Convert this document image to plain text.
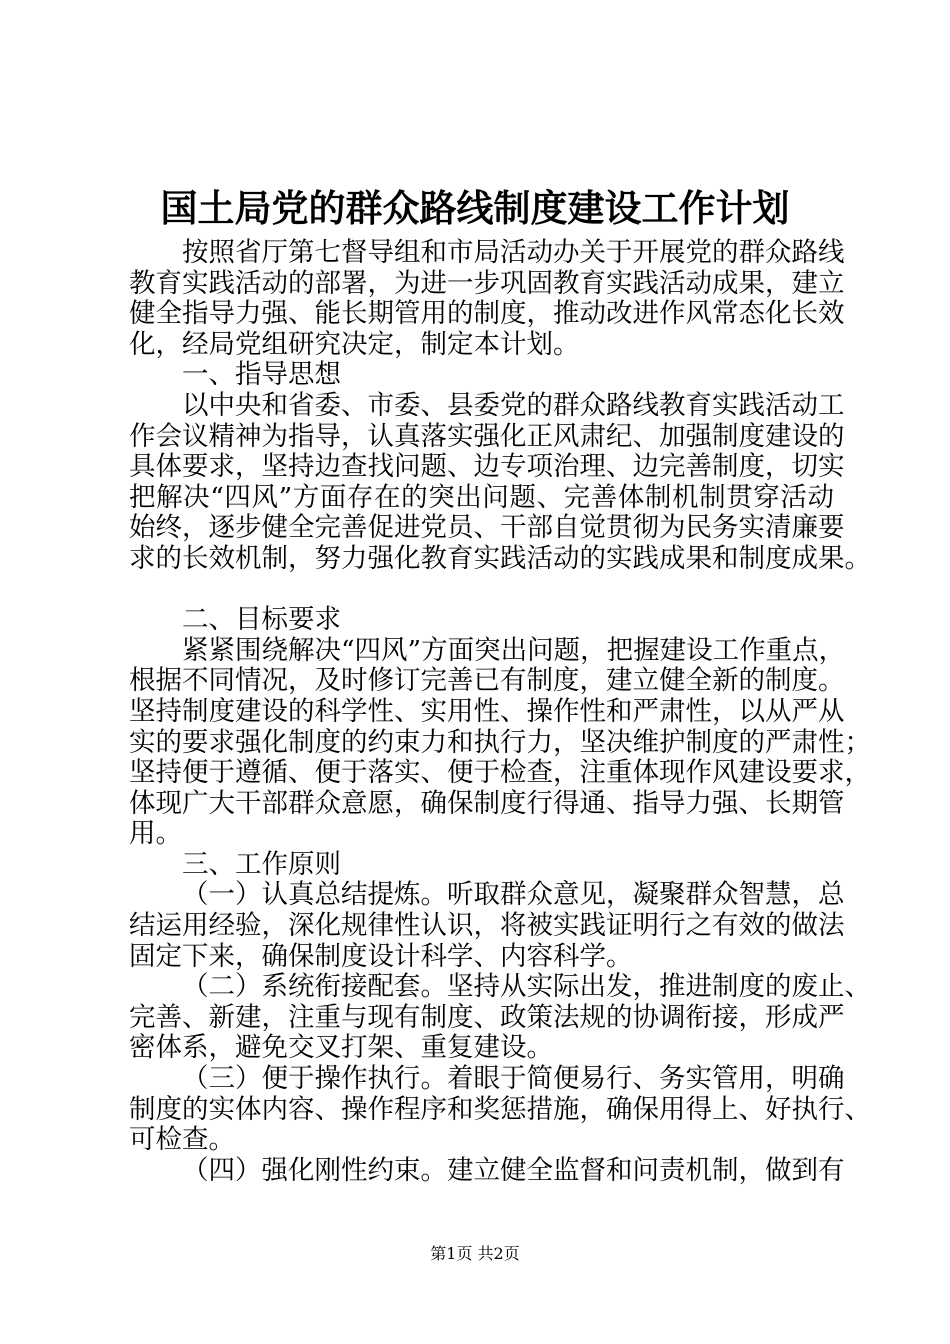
国土局党的群众路线制度建设工作计划
按照省厅第七督导组和市局活动办关于开展党的群众路线
教育实践活动的部署，为进一步巩固教育实践活动成果，建立
健全指导力强、能长期管用的制度，推动改进作风常态化长效
化，经局党组研究决定，制定本计划。
一、指导思想
以中央和省委、市委、县委党的群众路线教育实践活动工
作会议精神为指导，认真落实强化正风肃纪、加强制度建设的
具体要求，坚持边查找问题、边专项治理、边完善制度，切实
把解决“四风”方面存在的突出问题、完善体制机制贯穿活动
始终，逐步健全完善促进党员、干部自觉贯彻为民务实清廉要
求的长效机制，努力强化教育实践活动的实践成果和制度成果。
二、目标要求
紧紧围绕解决“四风”方面突出问题，把握建设工作重点，
根据不同情况，及时修订完善已有制度，建立健全新的制度。
坚持制度建设的科学性、实用性、操作性和严肃性，以从严从
实的要求强化制度的约束力和执行力，坚决维护制度的严肃性；
坚持便于遵循、便于落实、便于检查，注重体现作风建设要求，
体现广大干部群众意愿，确保制度行得通、指导力强、长期管
用。
三、工作原则
（一）认真总结提炼。听取群众意见，凝聚群众智慧，总
结运用经验，深化规律性认识，将被实践证明行之有效的做法
固定下来，确保制度设计科学、内容科学。
（二）系统衔接配套。坚持从实际出发，推进制度的废止、
完善、新建，注重与现有制度、政策法规的协调衔接，形成严
密体系，避免交叉打架、重复建设。
（三）便于操作执行。着眼于简便易行、务实管用，明确
制度的实体内容、操作程序和奖惩措施，确保用得上、好执行、
可检查。
（四）强化刚性约束。建立健全监督和问责机制，做到有
第1页 共2页
